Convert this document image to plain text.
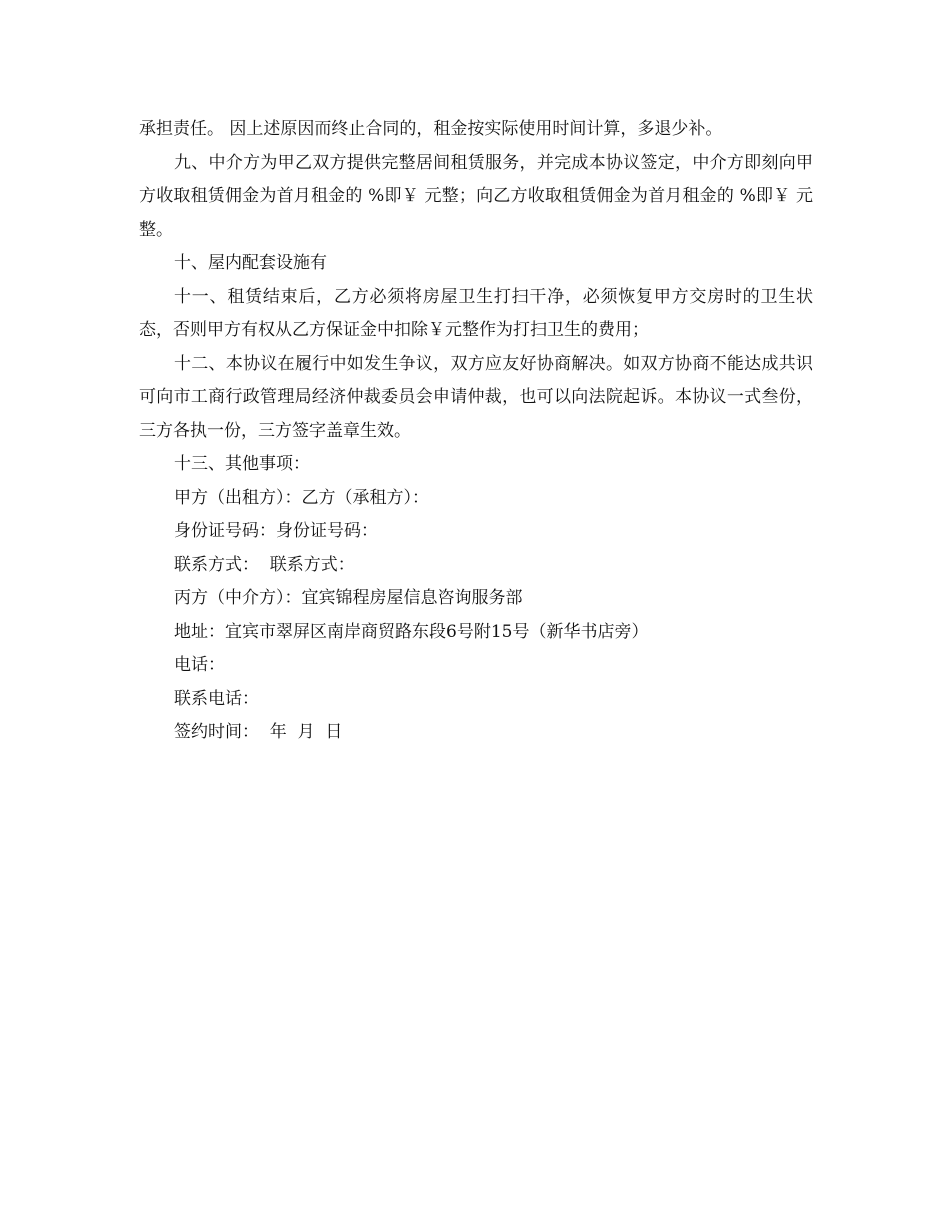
承担责任。 因上述原因而终止合同的，租金按实际使用时间计算，多退少补。

九、中介方为甲乙双方提供完整居间租赁服务，并完成本协议签定，中介方即刻向甲方收取租赁佣金为首月租金的 %即￥ 元整；向乙方收取租赁佣金为首月租金的 %即￥ 元整。

十、屋内配套设施有

十一、租赁结束后，乙方必须将房屋卫生打扫干净，必须恢复甲方交房时的卫生状态，否则甲方有权从乙方保证金中扣除￥元整作为打扫卫生的费用；

十二、本协议在履行中如发生争议，双方应友好协商解决。如双方协商不能达成共识可向市工商行政管理局经济仲裁委员会申请仲裁，也可以向法院起诉。本协议一式叁份，三方各执一份，三方签字盖章生效。

十三、其他事项：

甲方（出租方）：乙方（承租方）：

身份证号码：身份证号码：

联系方式：  联系方式：

丙方（中介方）：宜宾锦程房屋信息咨询服务部

地址：宜宾市翠屏区南岸商贸路东段6号附15号（新华书店旁）

电话：

联系电话：

签约时间：  年  月  日
